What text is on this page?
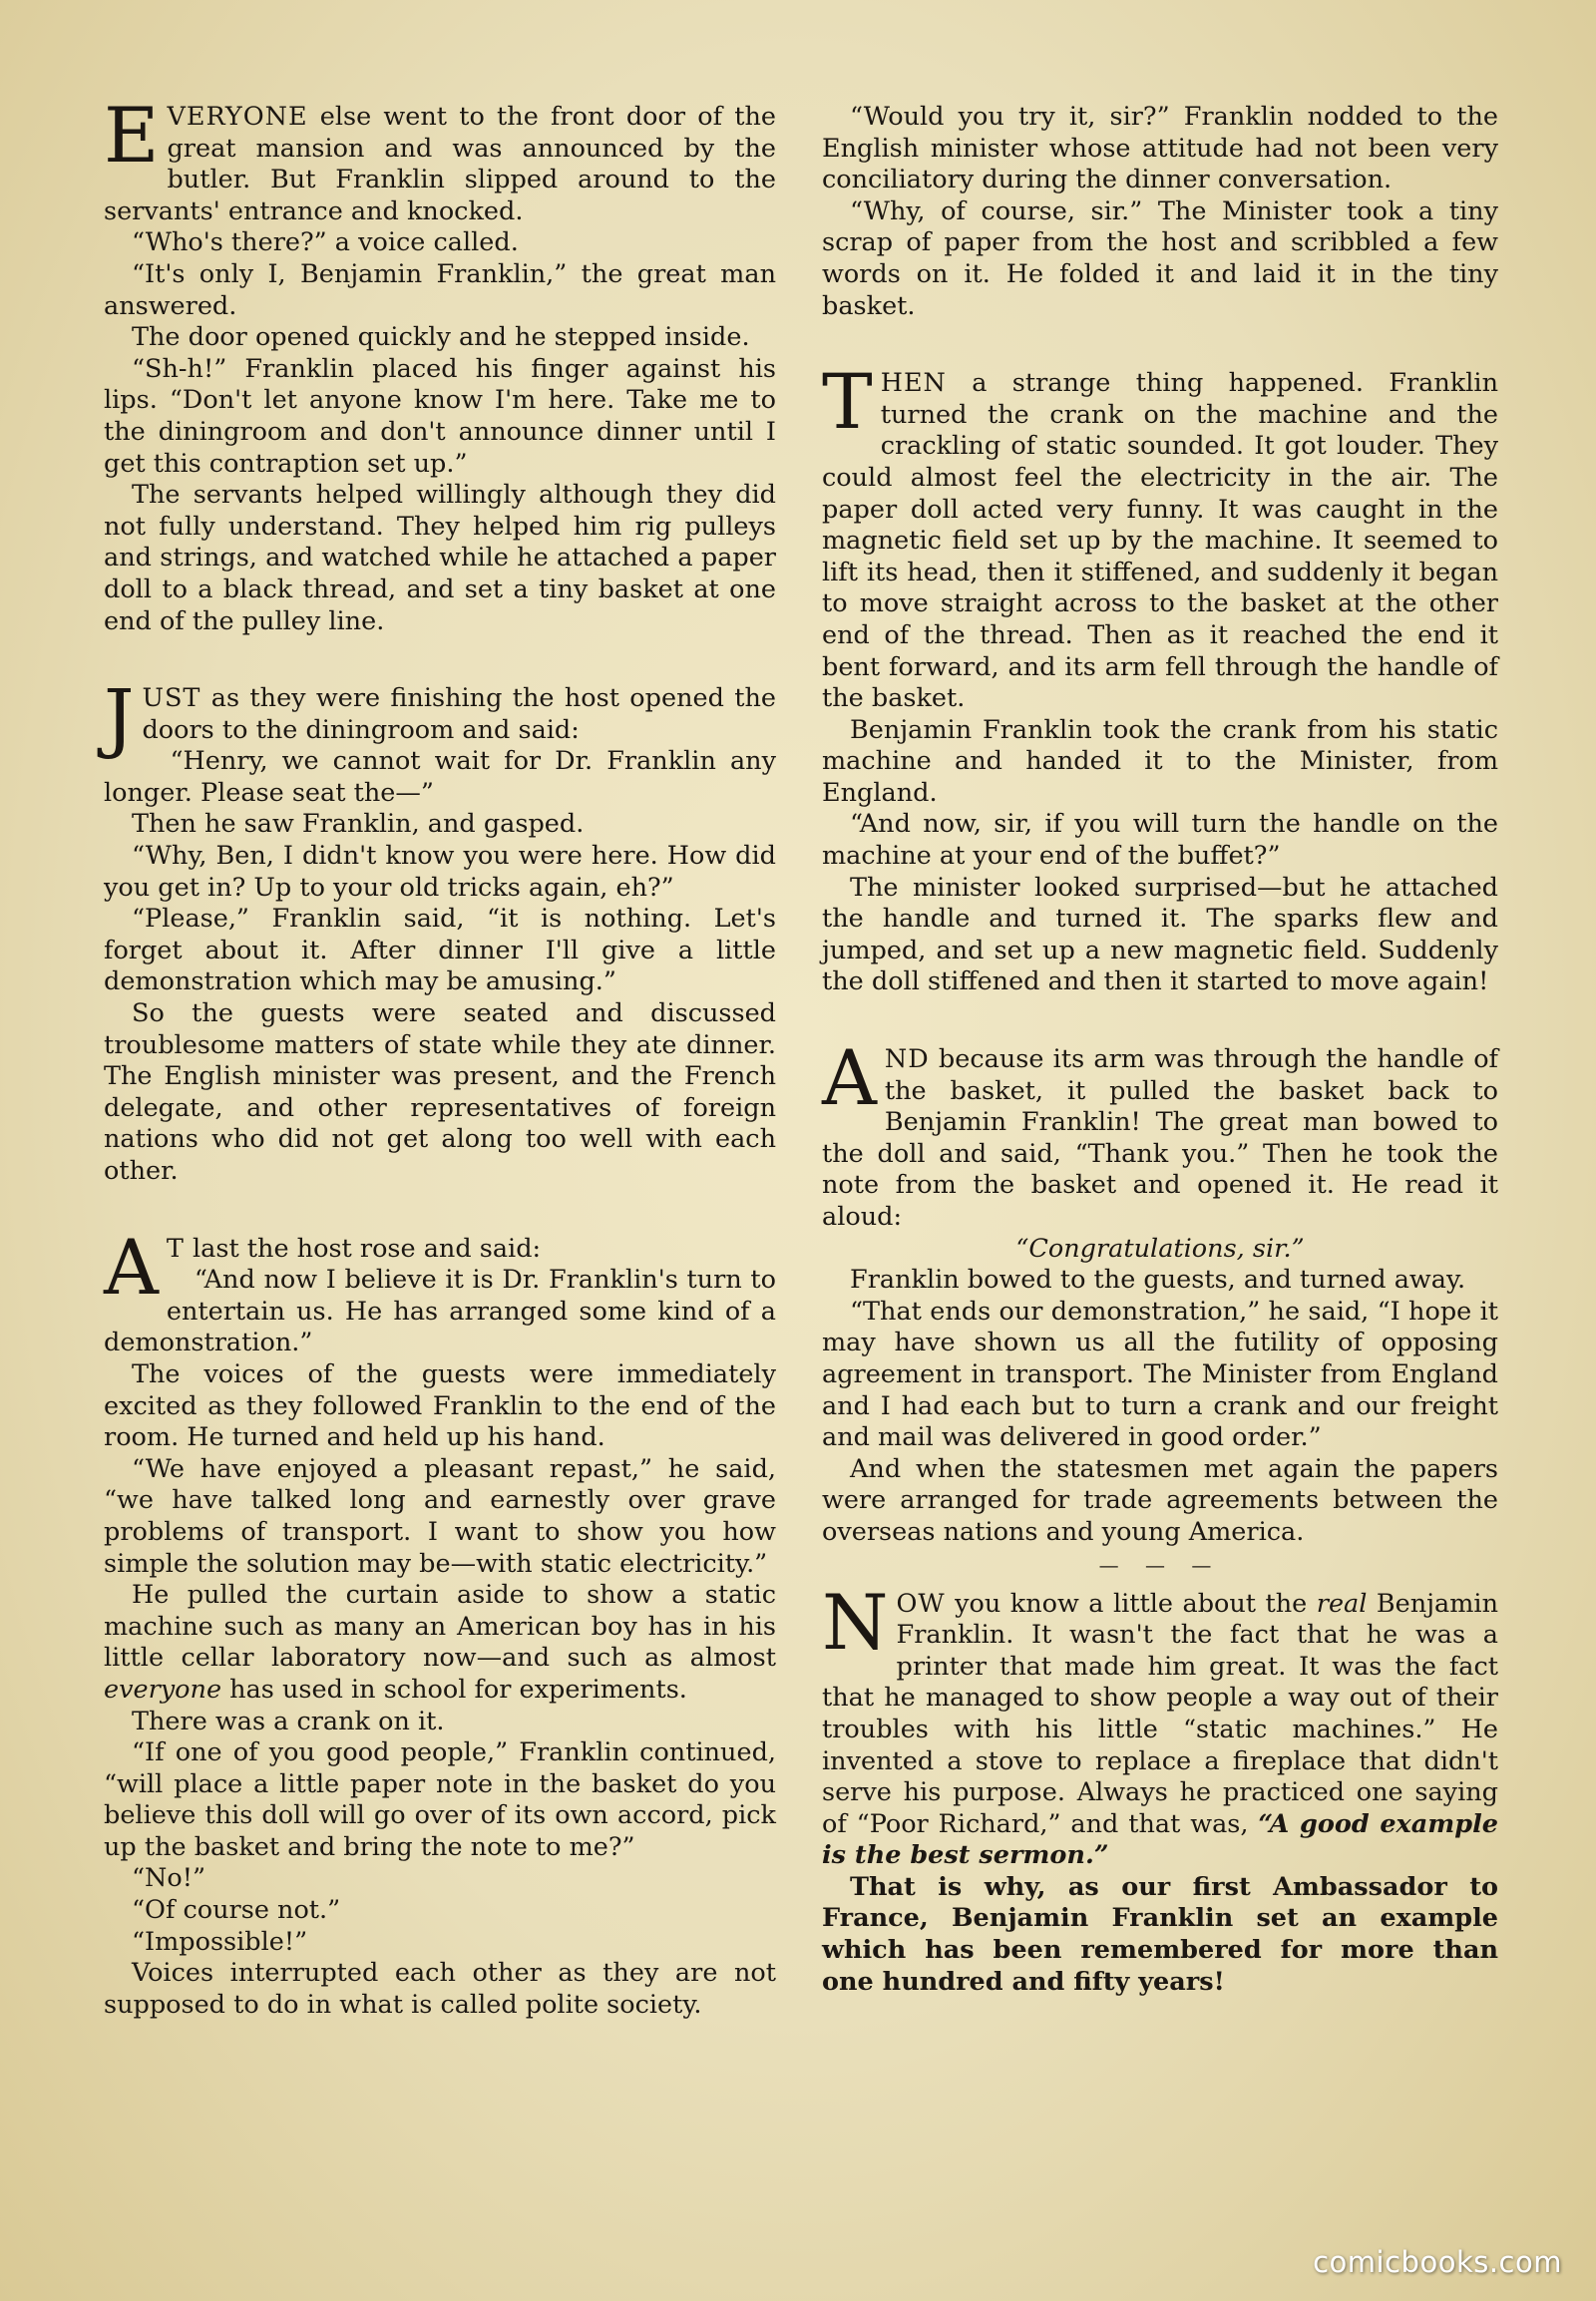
EVERYONE else went to the front door of the great mansion and was announced by the butler. But Franklin slipped around to the servants' entrance and knocked.

“Who's there?” a voice called.

“It's only I, Benjamin Franklin,” the great man answered.

The door opened quickly and he stepped inside.

“Sh-h!” Franklin placed his finger against his lips. “Don't let anyone know I'm here. Take me to the diningroom and don't announce dinner until I get this contraption set up.”

The servants helped willingly although they did not fully understand. They helped him rig pulleys and strings, and watched while he attached a paper doll to a black thread, and set a tiny basket at one end of the pulley line.

JUST as they were finishing the host opened the doors to the diningroom and said:

“Henry, we cannot wait for Dr. Franklin any longer. Please seat the—”

Then he saw Franklin, and gasped.

“Why, Ben, I didn't know you were here. How did you get in? Up to your old tricks again, eh?”

“Please,” Franklin said, “it is nothing. Let's forget about it. After dinner I'll give a little demonstration which may be amusing.”

So the guests were seated and discussed troublesome matters of state while they ate dinner. The English minister was present, and the French delegate, and other representatives of foreign nations who did not get along too well with each other.

A T last the host rose and said:

“And now I believe it is Dr. Franklin's turn to entertain us. He has arranged some kind of a demonstration.”

The voices of the guests were immediately excited as they followed Franklin to the end of the room. He turned and held up his hand.

“We have enjoyed a pleasant repast,” he said, “we have talked long and earnestly over grave problems of transport. I want to show you how simple the solution may be—with static electricity.”

He pulled the curtain aside to show a static machine such as many an American boy has in his little cellar laboratory now—and such as almost everyone has used in school for experiments.

There was a crank on it.

“If one of you good people,” Franklin continued, “will place a little paper note in the basket do you believe this doll will go over of its own accord, pick up the basket and bring the note to me?”

“No!”

“Of course not.”

“Impossible!”

Voices interrupted each other as they are not supposed to do in what is called polite society.

“Would you try it, sir?” Franklin nodded to the English minister whose attitude had not been very conciliatory during the dinner conversation.

“Why, of course, sir.” The Minister took a tiny scrap of paper from the host and scribbled a few words on it. He folded it and laid it in the tiny basket.

THEN a strange thing happened. Franklin turned the crank on the machine and the crackling of static sounded. It got louder. They could almost feel the electricity in the air. The paper doll acted very funny. It was caught in the magnetic field set up by the machine. It seemed to lift its head, then it stiffened, and suddenly it began to move straight across to the basket at the other end of the thread. Then as it reached the end it bent forward, and its arm fell through the handle of the basket.

Benjamin Franklin took the crank from his static machine and handed it to the Minister, from England.

“And now, sir, if you will turn the handle on the machine at your end of the buffet?”

The minister looked surprised—but he attached the handle and turned it. The sparks flew and jumped, and set up a new magnetic field. Suddenly the doll stiffened and then it started to move again!

AND because its arm was through the handle of the basket, it pulled the basket back to Benjamin Franklin! The great man bowed to the doll and said, “Thank you.” Then he took the note from the basket and opened it. He read it aloud:

“Congratulations, sir.”

Franklin bowed to the guests, and turned away.

“That ends our demonstration,” he said, “I hope it may have shown us all the futility of opposing agreement in transport. The Minister from England and I had each but to turn a crank and our freight and mail was delivered in good order.”

And when the statesmen met again the papers were arranged for trade agreements between the overseas nations and young America.

— — —

NOW you know a little about the real Benjamin Franklin. It wasn't the fact that he was a printer that made him great. It was the fact that he managed to show people a way out of their troubles with his little “static machines.” He invented a stove to replace a fireplace that didn't serve his purpose. Always he practiced one saying of “Poor Richard,” and that was, “A good example is the best sermon.”

That is why, as our first Ambassador to France, Benjamin Franklin set an example which has been remembered for more than one hundred and fifty years!

comicbooks.com
